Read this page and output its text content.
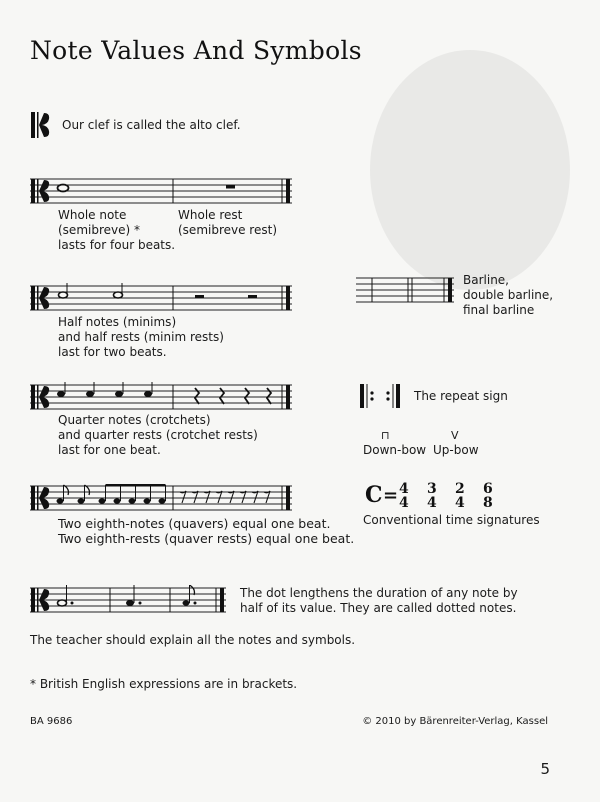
Note Values And Symbols
Our clef is called the alto clef.
Whole note
(semibreve) *
lasts for four beats.
Whole rest
(semibreve rest)
Half notes (minims)
and half rests (minim rests)
last for two beats.
Barline,
double barline,
final barline
Quarter notes (crotchets)
and quarter rests (crotchet rests)
last for one beat.
The repeat sign
⊓	V
Down-bow Up-bow
Two eighth-notes (quavers) equal one beat.
Two eighth-rests (quaver rests) equal one beat.
C = 4
4
3
4
2
4
6
8
Conventional time signatures
The dot lengthens the duration of any note by
half of its value. They are called dotted notes.
The teacher should explain all the notes and symbols.
* British English expressions are in brackets.
BA 9686	© 2010 by Bärenreiter-Verlag, Kassel
5
